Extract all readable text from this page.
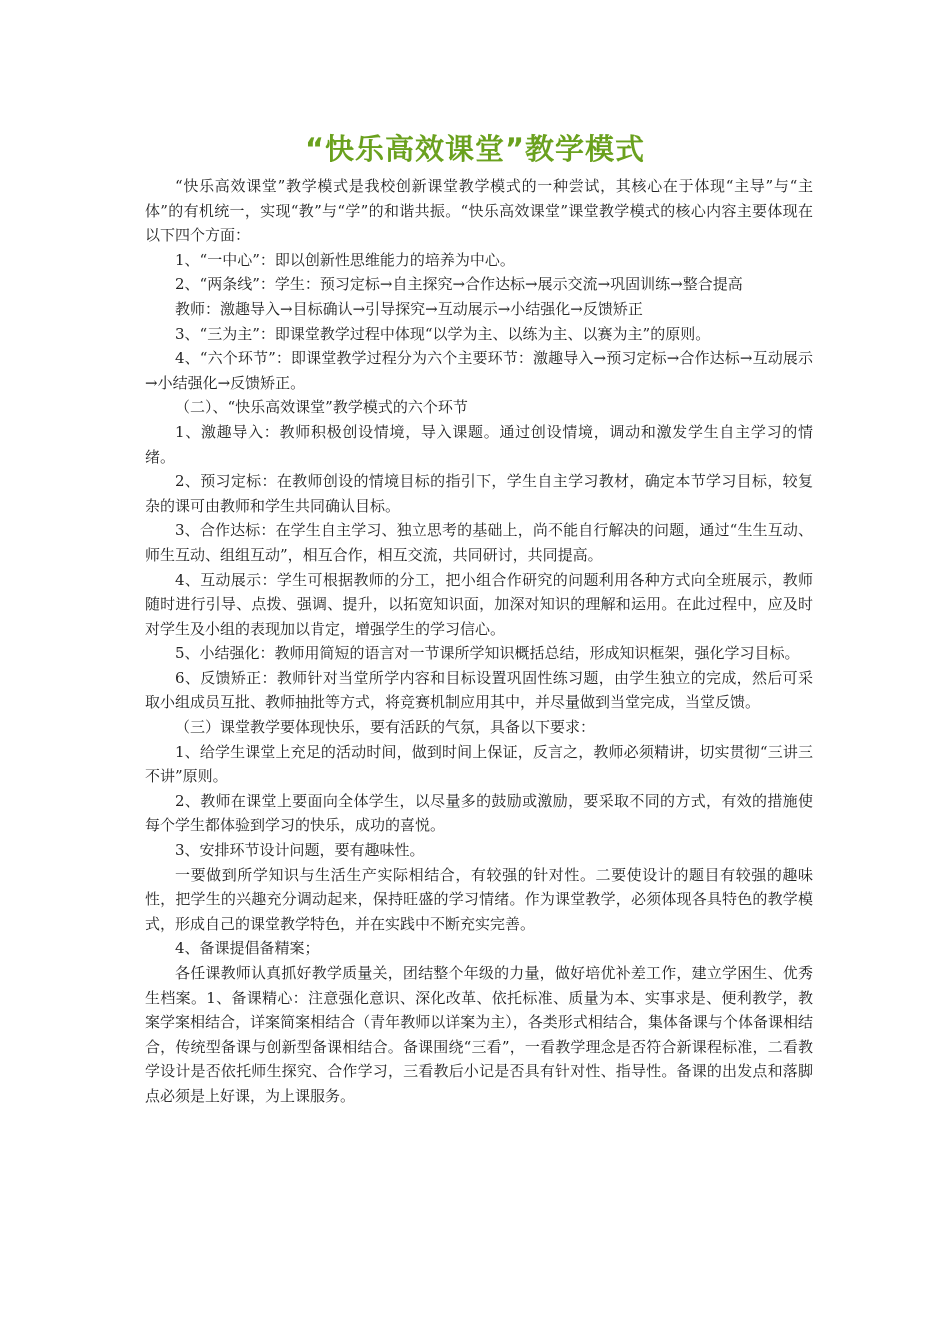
“快乐高效课堂”教学模式

“快乐高效课堂”教学模式是我校创新课堂教学模式的一种尝试，其核心在于体现“主导”与“主体”的有机统一，实现“教”与“学”的和谐共振。“快乐高效课堂”课堂教学模式的核心内容主要体现在以下四个方面：

1、“一中心”：即以创新性思维能力的培养为中心。

2、“两条线”：学生：预习定标→自主探究→合作达标→展示交流→巩固训练→整合提高

教师：激趣导入→目标确认→引导探究→互动展示→小结强化→反馈矫正

3、“三为主”：即课堂教学过程中体现“以学为主、以练为主、以赛为主”的原则。

4、“六个环节”：即课堂教学过程分为六个主要环节：激趣导入→预习定标→合作达标→互动展示→小结强化→反馈矫正。

（二）、“快乐高效课堂”教学模式的六个环节

1、激趣导入：教师积极创设情境，导入课题。通过创设情境，调动和激发学生自主学习的情绪。

2、预习定标：在教师创设的情境目标的指引下，学生自主学习教材，确定本节学习目标，较复杂的课可由教师和学生共同确认目标。

3、合作达标：在学生自主学习、独立思考的基础上，尚不能自行解决的问题，通过“生生互动、师生互动、组组互动”，相互合作，相互交流，共同研讨，共同提高。

4、互动展示：学生可根据教师的分工，把小组合作研究的问题利用各种方式向全班展示，教师随时进行引导、点拨、强调、提升，以拓宽知识面，加深对知识的理解和运用。在此过程中，应及时对学生及小组的表现加以肯定，增强学生的学习信心。

5、小结强化：教师用简短的语言对一节课所学知识概括总结，形成知识框架，强化学习目标。

6、反馈矫正：教师针对当堂所学内容和目标设置巩固性练习题，由学生独立的完成，然后可采取小组成员互批、教师抽批等方式，将竞赛机制应用其中，并尽量做到当堂完成，当堂反馈。

（三）课堂教学要体现快乐，要有活跃的气氛，具备以下要求：

1、给学生课堂上充足的活动时间，做到时间上保证，反言之，教师必须精讲，切实贯彻“三讲三不讲”原则。

2、教师在课堂上要面向全体学生，以尽量多的鼓励或激励，要采取不同的方式，有效的措施使每个学生都体验到学习的快乐，成功的喜悦。

3、安排环节设计问题，要有趣味性。

一要做到所学知识与生活生产实际相结合，有较强的针对性。二要使设计的题目有较强的趣味性，把学生的兴趣充分调动起来，保持旺盛的学习情绪。作为课堂教学，必须体现各具特色的教学模式，形成自己的课堂教学特色，并在实践中不断充实完善。

4、备课提倡备精案；

各任课教师认真抓好教学质量关，团结整个年级的力量，做好培优补差工作，建立学困生、优秀生档案。1、备课精心：注意强化意识、深化改革、依托标准、质量为本、实事求是、便利教学，教案学案相结合，详案简案相结合（青年教师以详案为主），各类形式相结合，集体备课与个体备课相结合，传统型备课与创新型备课相结合。备课围绕“三看”，一看教学理念是否符合新课程标准，二看教学设计是否依托师生探究、合作学习，三看教后小记是否具有针对性、指导性。备课的出发点和落脚点必须是上好课，为上课服务。
